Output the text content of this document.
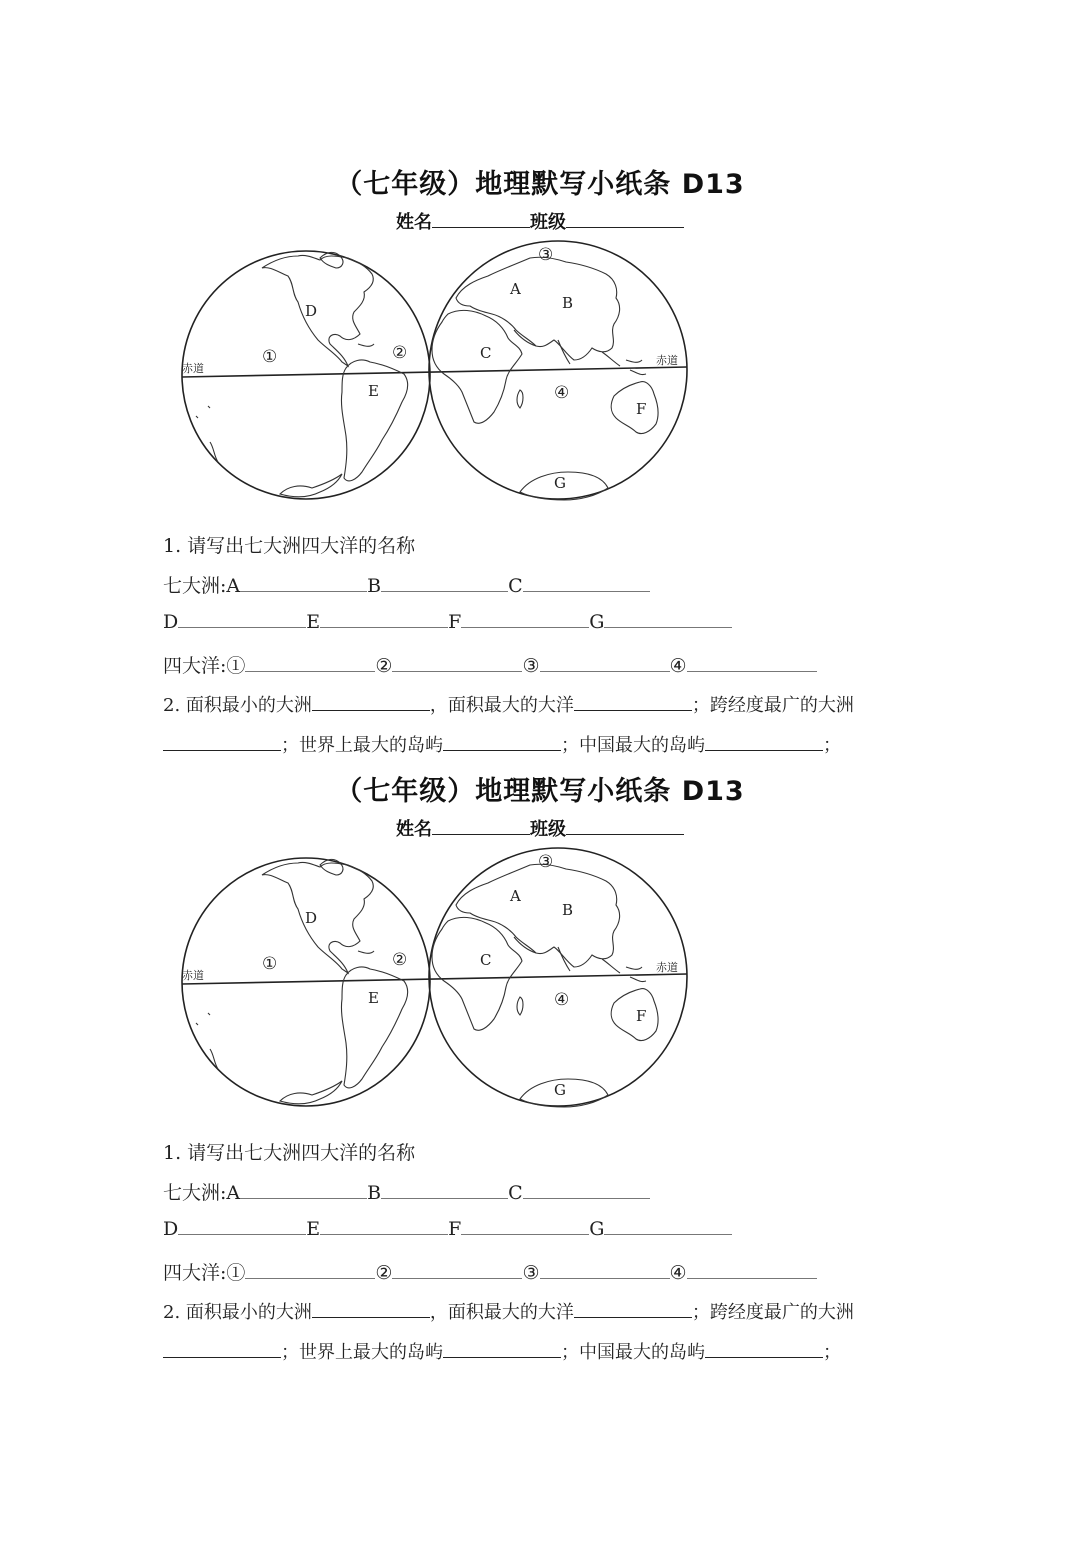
（七年级）地理默写小纸条 D13
姓名	班级
赤道
赤道
A
B
C
D
E
F
G
①	②
③
④
1. 请写出七大洲四大洋的名称
七大洲:A	B	C
D	E	F	G
四大洋:①	②	③	④
2. 面积最小的大洲	，面积最大的大洋	；跨经度最广的大洲
；世界上最大的岛屿	；中国最大的岛屿	；
（七年级）地理默写小纸条 D13
姓名	班级
赤道
赤道
A
B
C
D
E
F
G
①	②
③
④
1. 请写出七大洲四大洋的名称
七大洲:A	B	C
D	E	F	G
四大洋:①	②	③	④
2. 面积最小的大洲	，面积最大的大洋	；跨经度最广的大洲
；世界上最大的岛屿	；中国最大的岛屿	；
